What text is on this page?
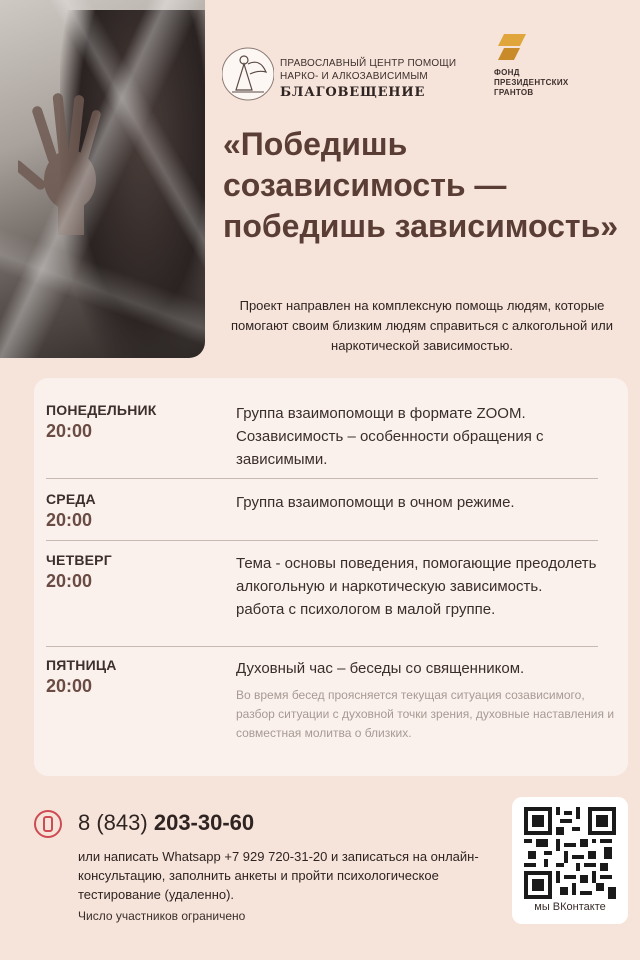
ПРАВОСЛАВНЫЙ ЦЕНТР ПОМОЩИ
НАРКО- И АЛКОЗАВИСИМЫМ
БЛАГОВЕЩЕНИЕ
ФОНД
ПРЕЗИДЕНТСКИХ
ГРАНТОВ
«Победишь созависимость — победишь зависимость»

Проект направлен на комплексную помощь людям, которые помогают своим близким людям справиться с алкогольной или наркотической зависимостью.

ПОНЕДЕЛЬНИК
20:00
Группа взаимопомощи в формате ZOOM. Созависимость – особенности обращения с зависимыми.
СРЕДА
20:00
Группа взаимопомощи в очном режиме.
ЧЕТВЕРГ
20:00
Тема - основы поведения, помогающие преодолеть алкогольную и наркотическую зависимость.
работа с психологом в малой группе.
ПЯТНИЦА
20:00
Духовный час – беседы со священником.
Во время бесед проясняется текущая ситуация созависимого, разбор ситуации с духовной точки зрения, духовные наставления и совместная молитва о близких.
8 (843) 203-30-60

или написать Whatsapp +7 929 720-31-20 и записаться на онлайн-консультацию, заполнить анкеты и пройти психологическое тестирование (удаленно).

Число участников ограничено
мы ВКонтакте
